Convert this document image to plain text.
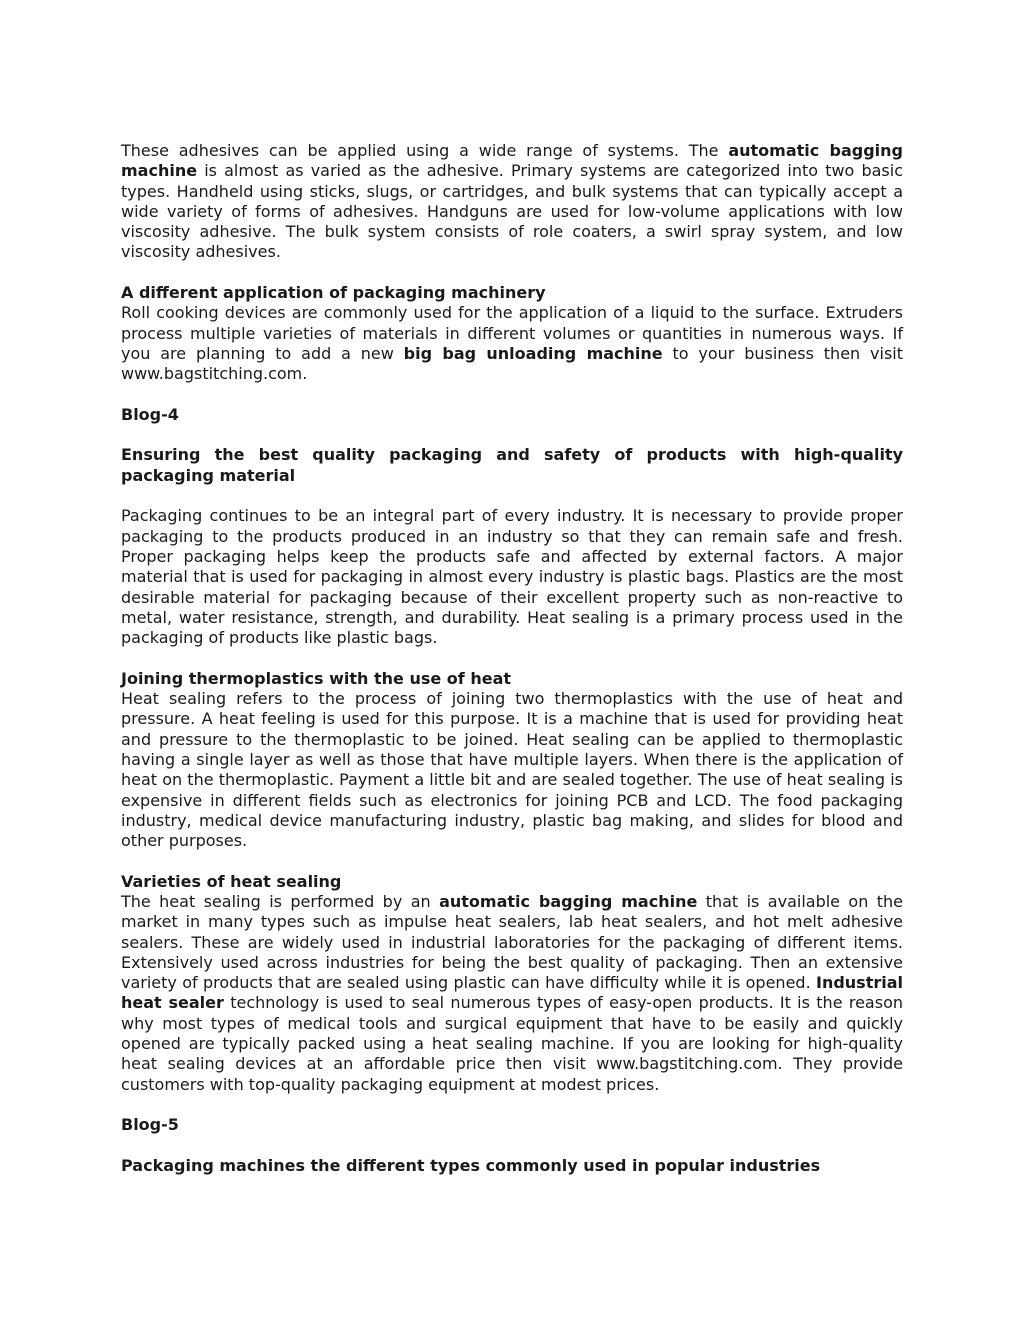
These adhesives can be applied using a wide range of systems. The automatic bagging machine is almost as varied as the adhesive. Primary systems are categorized into two basic types. Handheld using sticks, slugs, or cartridges, and bulk systems that can typically accept a wide variety of forms of adhesives. Handguns are used for low-volume applications with low viscosity adhesive. The bulk system consists of role coaters, a swirl spray system, and low viscosity adhesives.

A different application of packaging machinery

Roll cooking devices are commonly used for the application of a liquid to the surface. Extruders process multiple varieties of materials in different volumes or quantities in numerous ways. If you are planning to add a new big bag unloading machine to your business then visit www.bagstitching.com.

Blog-4

Ensuring the best quality packaging and safety of products with high-quality packaging material

Packaging continues to be an integral part of every industry. It is necessary to provide proper packaging to the products produced in an industry so that they can remain safe and fresh. Proper packaging helps keep the products safe and affected by external factors. A major material that is used for packaging in almost every industry is plastic bags. Plastics are the most desirable material for packaging because of their excellent property such as non-reactive to metal, water resistance, strength, and durability. Heat sealing is a primary process used in the packaging of products like plastic bags.

Joining thermoplastics with the use of heat

Heat sealing refers to the process of joining two thermoplastics with the use of heat and pressure. A heat feeling is used for this purpose. It is a machine that is used for providing heat and pressure to the thermoplastic to be joined. Heat sealing can be applied to thermoplastic having a single layer as well as those that have multiple layers. When there is the application of heat on the thermoplastic. Payment a little bit and are sealed together. The use of heat sealing is expensive in different fields such as electronics for joining PCB and LCD. The food packaging industry, medical device manufacturing industry, plastic bag making, and slides for blood and other purposes.

Varieties of heat sealing

The heat sealing is performed by an automatic bagging machine that is available on the market in many types such as impulse heat sealers, lab heat sealers, and hot melt adhesive sealers. These are widely used in industrial laboratories for the packaging of different items. Extensively used across industries for being the best quality of packaging. Then an extensive variety of products that are sealed using plastic can have difficulty while it is opened. Industrial heat sealer technology is used to seal numerous types of easy-open products. It is the reason why most types of medical tools and surgical equipment that have to be easily and quickly opened are typically packed using a heat sealing machine. If you are looking for high-quality heat sealing devices at an affordable price then visit www.bagstitching.com. They provide customers with top-quality packaging equipment at modest prices.

Blog-5

Packaging machines the different types commonly used in popular industries
